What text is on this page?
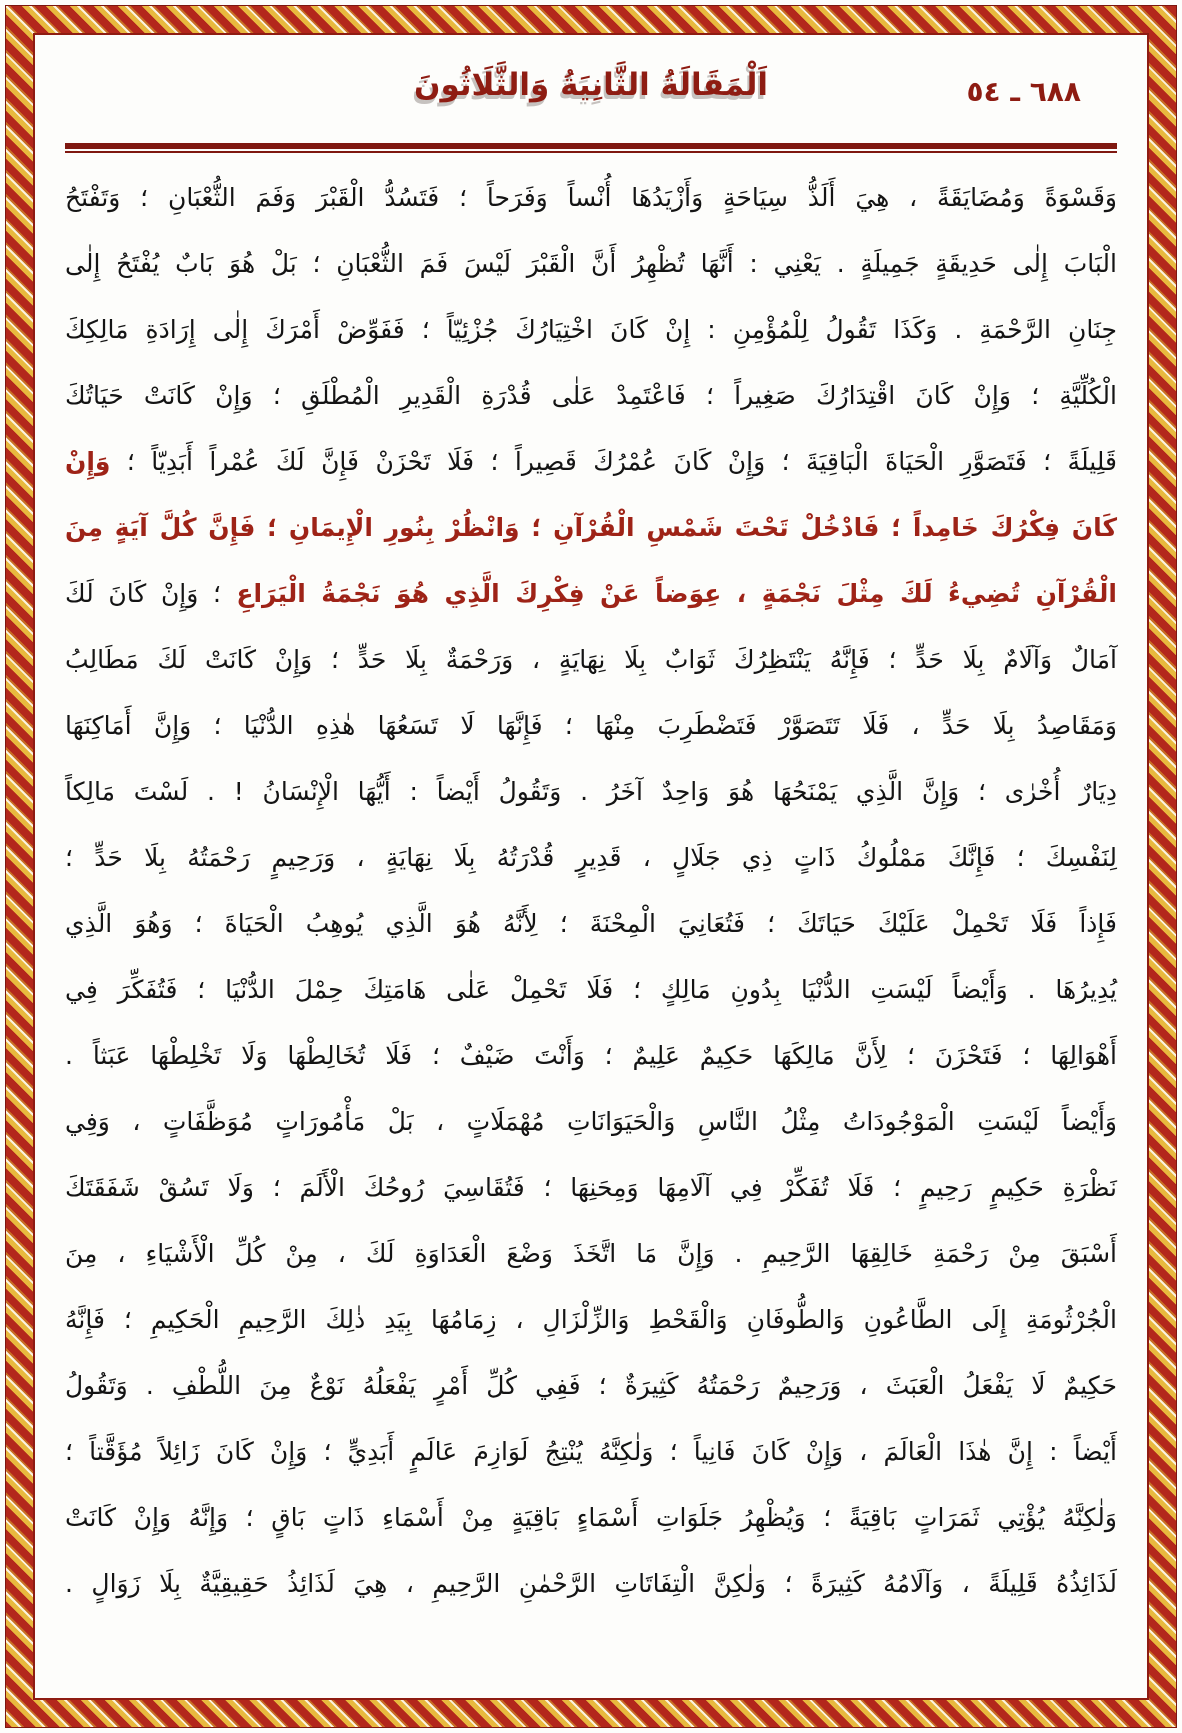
٦٨٨ ـ ٥٤
اَلْمَقَالَةُ الثَّانِيَةُ وَالثَّلَاثُونَ
وَقَسْوَةً وَمُضَايَقَةً ، هِيَ أَلَذُّ سِيَاحَةٍ وَأَزْيَدُهَا أُنْساً وَفَرَحاً ؛ فَتَسُدُّ الْقَبْرَ وَفَمَ الثُّعْبَانِ ؛ وَتَفْتَحُ
الْبَابَ إِلٰى حَدِيقَةٍ جَمِيلَةٍ . يَعْنِي : أَنَّهَا تُظْهِرُ أَنَّ الْقَبْرَ لَيْسَ فَمَ الثُّعْبَانِ ؛ بَلْ هُوَ بَابٌ يُفْتَحُ إِلٰى
جِنَانِ الرَّحْمَةِ . وَكَذَا تَقُولُ لِلْمُؤْمِنِ : إِنْ كَانَ اخْتِيَارُكَ جُزْئِيّاً ؛ فَفَوِّضْ أَمْرَكَ إِلٰى إِرَادَةِ مَالِكِكَ
الْكُلِّيَّةِ ؛ وَإِنْ كَانَ اقْتِدَارُكَ صَغِيراً ؛ فَاعْتَمِدْ عَلٰى قُدْرَةِ الْقَدِيرِ الْمُطْلَقِ ؛ وَإِنْ كَانَتْ حَيَاتُكَ
قَلِيلَةً ؛ فَتَصَوَّرِ الْحَيَاةَ الْبَاقِيَةَ ؛ وَإِنْ كَانَ عُمْرُكَ قَصِيراً ؛ فَلَا تَحْزَنْ فَإِنَّ لَكَ عُمْراً أَبَدِيّاً ؛ وَإِنْ
كَانَ فِكْرُكَ خَامِداً ؛ فَادْخُلْ تَحْتَ شَمْسِ الْقُرْآنِ ؛ وَانْظُرْ بِنُورِ الْإِيمَانِ ؛ فَإِنَّ كُلَّ آيَةٍ مِنَ
الْقُرْآنِ تُضِيءُ لَكَ مِثْلَ نَجْمَةٍ ، عِوَضاً عَنْ فِكْرِكَ الَّذِي هُوَ نَجْمَةُ الْيَرَاعِ ؛ وَإِنْ كَانَ لَكَ
آمَالٌ وَآلَامٌ بِلَا حَدٍّ ؛ فَإِنَّهُ يَنْتَظِرُكَ ثَوَابٌ بِلَا نِهَايَةٍ ، وَرَحْمَةٌ بِلَا حَدٍّ ؛ وَإِنْ كَانَتْ لَكَ مَطَالِبُ
وَمَقَاصِدُ بِلَا حَدٍّ ، فَلَا تَتَصَوَّرْ فَتَضْطَرِبَ مِنْهَا ؛ فَإِنَّهَا لَا تَسَعُهَا هٰذِهِ الدُّنْيَا ؛ وَإِنَّ أَمَاكِنَهَا
دِيَارٌ أُخْرٰى ؛ وَإِنَّ الَّذِي يَمْنَحُهَا هُوَ وَاحِدٌ آخَرُ . وَتَقُولُ أَيْضاً : أَيُّهَا الْإِنْسَانُ ! . لَسْتَ مَالِكاً
لِنَفْسِكَ ؛ فَإِنَّكَ مَمْلُوكُ ذَاتٍ ذِي جَلَالٍ ، قَدِيرٍ قُدْرَتُهُ بِلَا نِهَايَةٍ ، وَرَحِيمٍ رَحْمَتُهُ بِلَا حَدٍّ ؛
فَإِذاً فَلَا تَحْمِلْ عَلَيْكَ حَيَاتَكَ ؛ فَتُعَانِيَ الْمِحْنَةَ ؛ لِأَنَّهُ هُوَ الَّذِي يُوهِبُ الْحَيَاةَ ؛ وَهُوَ الَّذِي
يُدِيرُهَا . وَأَيْضاً لَيْسَتِ الدُّنْيَا بِدُونِ مَالِكٍ ؛ فَلَا تَحْمِلْ عَلٰى هَامَتِكَ حِمْلَ الدُّنْيَا ؛ فَتُفَكِّرَ فِي
أَهْوَالِهَا ؛ فَتَحْزَنَ ؛ لِأَنَّ مَالِكَهَا حَكِيمٌ عَلِيمٌ ؛ وَأَنْتَ ضَيْفٌ ؛ فَلَا تُخَالِطْهَا وَلَا تَخْلِطْهَا عَبَثاً .
وَأَيْضاً لَيْسَتِ الْمَوْجُودَاتُ مِثْلُ النَّاسِ وَالْحَيَوَانَاتِ مُهْمَلَاتٍ ، بَلْ مَأْمُورَاتٍ مُوَظَّفَاتٍ ، وَفِي
نَظْرَةِ حَكِيمٍ رَحِيمٍ ؛ فَلَا تُفَكِّرْ فِي آلَامِهَا وَمِحَنِهَا ؛ فَتُقَاسِيَ رُوحُكَ الْأَلَمَ ؛ وَلَا تَسُقْ شَفَقَتَكَ
أَسْبَقَ مِنْ رَحْمَةِ خَالِقِهَا الرَّحِيمِ . وَإِنَّ مَا اتَّخَذَ وَضْعَ الْعَدَاوَةِ لَكَ ، مِنْ كُلِّ الْأَشْيَاءِ ، مِنَ
الْجُرْثُومَةِ إِلَى الطَّاعُونِ وَالطُّوفَانِ وَالْقَحْطِ وَالزِّلْزَالِ ، زِمَامُهَا بِيَدِ ذٰلِكَ الرَّحِيمِ الْحَكِيمِ ؛ فَإِنَّهُ
حَكِيمٌ لَا يَفْعَلُ الْعَبَثَ ، وَرَحِيمٌ رَحْمَتُهُ كَثِيرَةٌ ؛ فَفِي كُلِّ أَمْرٍ يَفْعَلُهُ نَوْعٌ مِنَ اللُّطْفِ . وَتَقُولُ
أَيْضاً : إِنَّ هٰذَا الْعَالَمَ ، وَإِنْ كَانَ فَانِياً ؛ وَلٰكِنَّهُ يُنْتِجُ لَوَازِمَ عَالَمٍ أَبَدِيٍّ ؛ وَإِنْ كَانَ زَائِلاً مُؤَقَّتاً ؛
وَلٰكِنَّهُ يُؤْتِي ثَمَرَاتٍ بَاقِيَةً ؛ وَيُظْهِرُ جَلَوَاتِ أَسْمَاءٍ بَاقِيَةٍ مِنْ أَسْمَاءِ ذَاتٍ بَاقٍ ؛ وَإِنَّهُ وَإِنْ كَانَتْ
لَذَائِذُهُ قَلِيلَةً ، وَآلَامُهُ كَثِيرَةً ؛ وَلٰكِنَّ الْتِفَاتَاتِ الرَّحْمٰنِ الرَّحِيمِ ، هِيَ لَذَائِذُ حَقِيقِيَّةٌ بِلَا زَوَالٍ .
